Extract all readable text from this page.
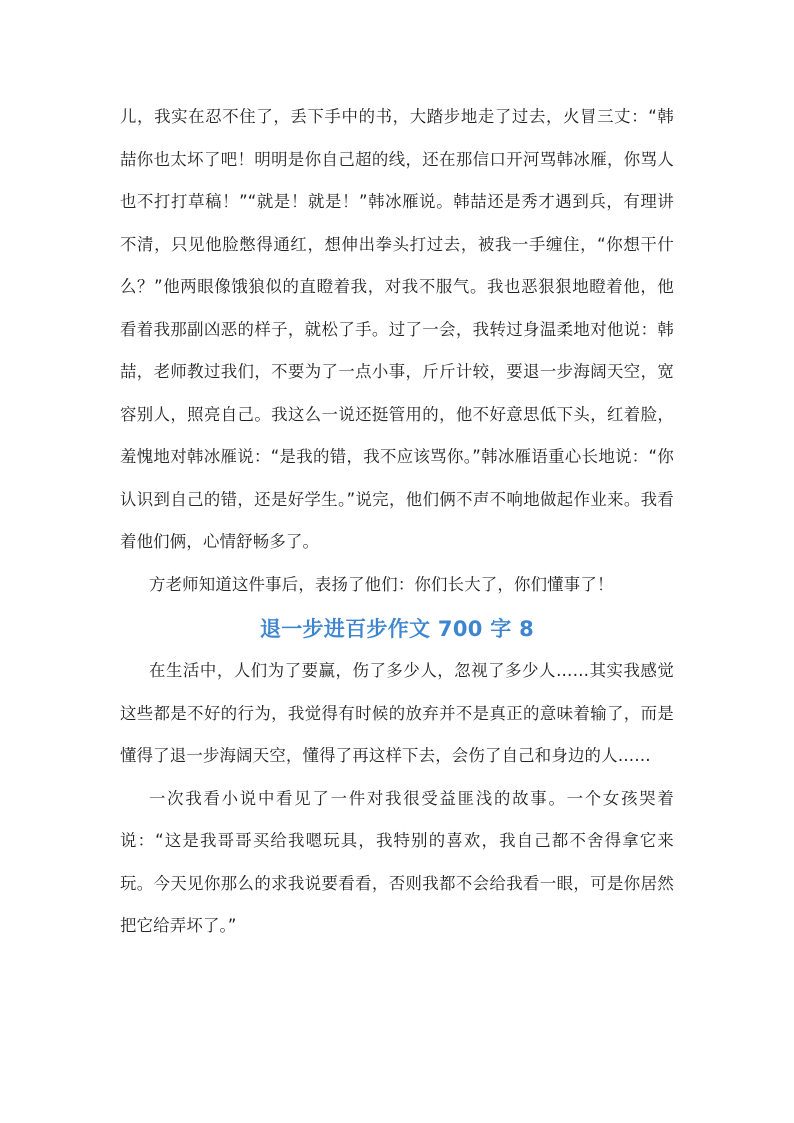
儿，我实在忍不住了，丢下手中的书，大踏步地走了过去，火冒三丈：“韩喆你也太坏了吧！明明是你自己超的线，还在那信口开河骂韩冰雁，你骂人也不打打草稿！”“就是！就是！”韩冰雁说。韩喆还是秀才遇到兵，有理讲不清，只见他脸憋得通红，想伸出拳头打过去，被我一手缠住，“你想干什么？”他两眼像饿狼似的直瞪着我，对我不服气。我也恶狠狠地瞪着他，他看着我那副凶恶的样子，就松了手。过了一会，我转过身温柔地对他说：韩喆，老师教过我们，不要为了一点小事，斤斤计较，要退一步海阔天空，宽容别人，照亮自己。我这么一说还挺管用的，他不好意思低下头，红着脸，羞愧地对韩冰雁说：“是我的错，我不应该骂你。”韩冰雁语重心长地说：“你认识到自己的错，还是好学生。”说完，他们俩不声不响地做起作业来。我看着他们俩，心情舒畅多了。

方老师知道这件事后，表扬了他们：你们长大了，你们懂事了！

退一步进百步作文 700 字 8

在生活中，人们为了要赢，伤了多少人，忽视了多少人……其实我感觉这些都是不好的行为，我觉得有时候的放弃并不是真正的意味着输了，而是懂得了退一步海阔天空，懂得了再这样下去，会伤了自己和身边的人……

一次我看小说中看见了一件对我很受益匪浅的故事。一个女孩哭着说：“这是我哥哥买给我嗯玩具，我特别的喜欢，我自己都不舍得拿它来玩。今天见你那么的求我说要看看，否则我都不会给我看一眼，可是你居然把它给弄坏了。”
